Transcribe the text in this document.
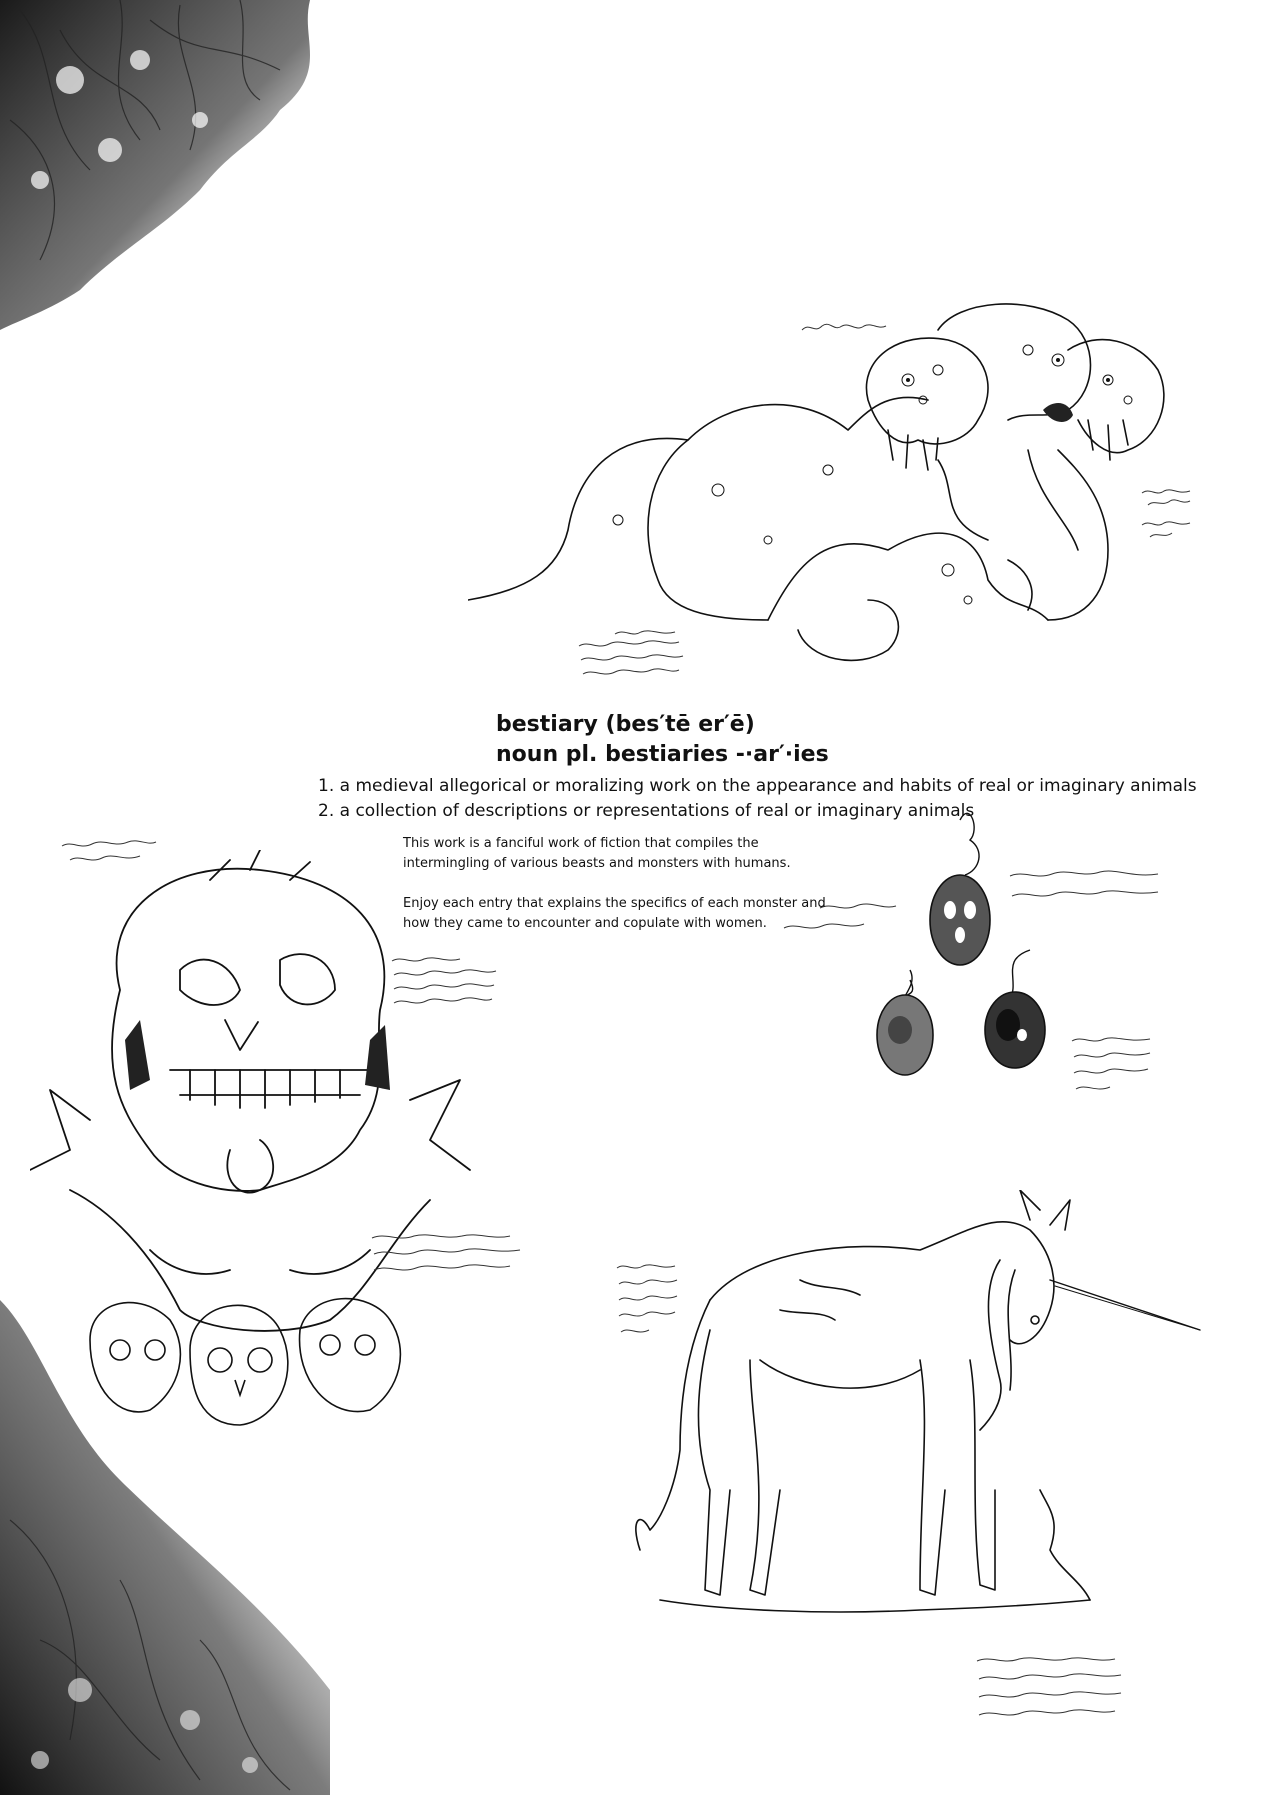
bestiary (bes′tē er′ē)
noun pl. bestiaries -·ar′·ies
1. a medieval allegorical or moralizing work on the appearance and habits of real or imaginary animals
2. a collection of descriptions or representations of real or imaginary animals

This work is a fanciful work of fiction that compiles the intermingling of various beasts and monsters with humans.

Enjoy each entry that explains the specifics of each monster and how they came to encounter and copulate with women.
